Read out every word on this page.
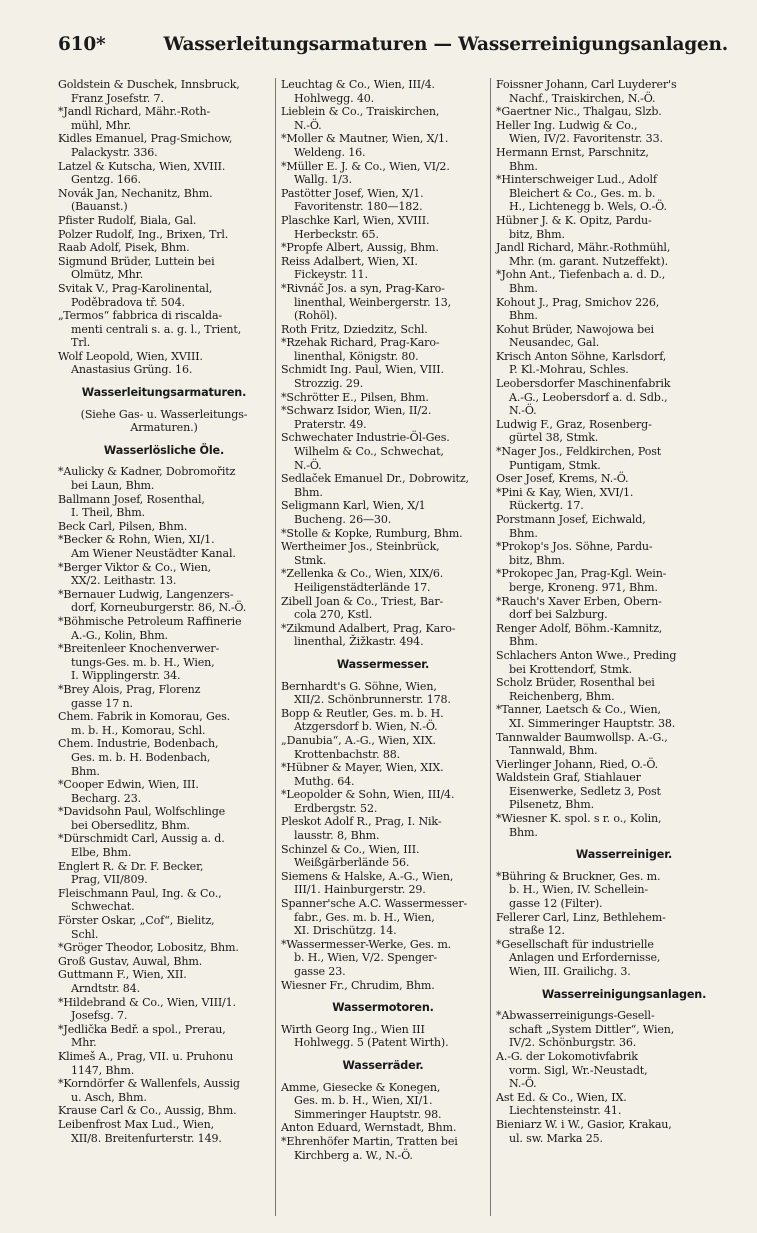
610*	Wasserleitungsarmaturen — Wasserreinigungsanlagen.
Goldstein & Duschek, Innsbruck,
Franz Josefstr. 7.
*Jandl Richard, Mähr.-Roth-
mühl, Mhr.
Kidles Emanuel, Prag-Smichow,
Palackystr. 336.
Latzel & Kutscha, Wien, XVIII.
Gentzg. 166.
Novák Jan, Nechanitz, Bhm.
(Bauanst.)
Pfister Rudolf, Biala, Gal.
Polzer Rudolf, Ing., Brixen, Trl.
Raab Adolf, Pisek, Bhm.
Sigmund Brüder, Luttein bei
Olmütz, Mhr.
Svitak V., Prag-Karolinental,
Poděbradova tř. 504.
„Termos“ fabbrica di riscalda-
menti centrali s. a. g. l., Trient,
Trl.
Wolf Leopold, Wien, XVIII.
Anastasius Grüng. 16.
Wasserleitungsarmaturen.
(Siehe Gas- u. Wasserleitungs-
Armaturen.)
Wasserlösliche Öle.
*Aulicky & Kadner, Dobromořitz
bei Laun, Bhm.
Ballmann Josef, Rosenthal,
I. Theil, Bhm.
Beck Carl, Pilsen, Bhm.
*Becker & Rohn, Wien, XI/1.
Am Wiener Neustädter Kanal.
*Berger Viktor & Co., Wien,
XX/2. Leithastr. 13.
*Bernauer Ludwig, Langenzers-
dorf, Korneuburgerstr. 86, N.-Ö.
*Böhmische Petroleum Raffinerie
A.-G., Kolin, Bhm.
*Breitenleer Knochenverwer-
tungs-Ges. m. b. H., Wien,
I. Wipplingerstr. 34.
*Brey Alois, Prag, Florenz
gasse 17 n.
Chem. Fabrik in Komorau, Ges.
m. b. H., Komorau, Schl.
Chem. Industrie, Bodenbach,
Ges. m. b. H. Bodenbach,
Bhm.
*Cooper Edwin, Wien, III.
Becharg. 23.
*Davidsohn Paul, Wolfschlinge
bei Obersedlitz, Bhm.
*Dürschmidt Carl, Aussig a. d.
Elbe, Bhm.
Englert R. & Dr. F. Becker,
Prag, VII/809.
Fleischmann Paul, Ing. & Co.,
Schwechat.
Förster Oskar, „Cof“, Bielitz,
Schl.
*Gröger Theodor, Lobositz, Bhm.
Groß Gustav, Auwal, Bhm.
Guttmann F., Wien, XII.
Arndtstr. 84.
*Hildebrand & Co., Wien, VIII/1.
Josefsg. 7.
*Jedlička Bedř. a spol., Prerau,
Mhr.
Klimeš A., Prag, VII. u. Pruhonu
1147, Bhm.
*Korndörfer & Wallenfels, Aussig
u. Asch, Bhm.
Krause Carl & Co., Aussig, Bhm.
Leibenfrost Max Lud., Wien,
XII/8. Breitenfurterstr. 149.
Leuchtag & Co., Wien, III/4.
Hohlwegg. 40.
Lieblein & Co., Traiskirchen,
N.-Ö.
*Moller & Mautner, Wien, X/1.
Weldeng. 16.
*Müller E. J. & Co., Wien, VI/2.
Wallg. 1/3.
Pastötter Josef, Wien, X/1.
Favoritenstr. 180—182.
Plaschke Karl, Wien, XVIII.
Herbeckstr. 65.
*Propfe Albert, Aussig, Bhm.
Reiss Adalbert, Wien, XI.
Fickeystr. 11.
*Rivnáč Jos. a syn, Prag-Karo-
linenthal, Weinbergerstr. 13,
(Rohöl).
Roth Fritz, Dziedzitz, Schl.
*Rzehak Richard, Prag-Karo-
linenthal, Königstr. 80.
Schmidt Ing. Paul, Wien, VIII.
Strozzig. 29.
*Schrötter E., Pilsen, Bhm.
*Schwarz Isidor, Wien, II/2.
Praterstr. 49.
Schwechater Industrie-Öl-Ges.
Wilhelm & Co., Schwechat,
N.-Ö.
Sedlaček Emanuel Dr., Dobrowitz,
Bhm.
Seligmann Karl, Wien, X/1
Bucheng. 26—30.
*Stolle & Kopke, Rumburg, Bhm.
Wertheimer Jos., Steinbrück,
Stmk.
*Zellenka & Co., Wien, XIX/6.
Heiligenstädterlände 17.
Zibell Joan & Co., Triest, Bar-
cola 270, Kstl.
*Zikmund Adalbert, Prag, Karo-
linenthal, Žižkastr. 494.
Wassermesser.
Bernhardt's G. Söhne, Wien,
XII/2. Schönbrunnerstr. 178.
Bopp & Reutler, Ges. m. b. H.
Atzgersdorf b. Wien, N.-Ö.
„Danubia“, A.-G., Wien, XIX.
Krottenbachstr. 88.
*Hübner & Mayer, Wien, XIX.
Muthg. 64.
*Leopolder & Sohn, Wien, III/4.
Erdbergstr. 52.
Pleskot Adolf R., Prag, I. Nik-
lausstr. 8, Bhm.
Schinzel & Co., Wien, III.
Weißgärberlände 56.
Siemens & Halske, A.-G., Wien,
III/1. Hainburgerstr. 29.
Spanner'sche A.C. Wassermesser-
fabr., Ges. m. b. H., Wien,
XI. Drischützg. 14.
*Wassermesser-Werke, Ges. m.
b. H., Wien, V/2. Spenger-
gasse 23.
Wiesner Fr., Chrudim, Bhm.
Wassermotoren.
Wirth Georg Ing., Wien III
Hohlwegg. 5 (Patent Wirth).
Wasserräder.
Amme, Giesecke & Konegen,
Ges. m. b. H., Wien, XI/1.
Simmeringer Hauptstr. 98.
Anton Eduard, Wernstadt, Bhm.
*Ehrenhöfer Martin, Tratten bei
Kirchberg a. W., N.-Ö.
Foissner Johann, Carl Luyderer's
Nachf., Traiskirchen, N.-Ö.
*Gaertner Nic., Thalgau, Slzb.
Heller Ing. Ludwig & Co.,
Wien, IV/2. Favoritenstr. 33.
Hermann Ernst, Parschnitz,
Bhm.
*Hinterschweiger Lud., Adolf
Bleichert & Co., Ges. m. b.
H., Lichtenegg b. Wels, O.-Ö.
Hübner J. & K. Opitz, Pardu-
bitz, Bhm.
Jandl Richard, Mähr.-Rothmühl,
Mhr. (m. garant. Nutzeffekt).
*John Ant., Tiefenbach a. d. D.,
Bhm.
Kohout J., Prag, Smichov 226,
Bhm.
Kohut Brüder, Nawojowa bei
Neusandec, Gal.
Krisch Anton Söhne, Karlsdorf,
P. Kl.-Mohrau, Schles.
Leobersdorfer Maschinenfabrik
A.-G., Leobersdorf a. d. Sdb.,
N.-Ö.
Ludwig F., Graz, Rosenberg-
gürtel 38, Stmk.
*Nager Jos., Feldkirchen, Post
Puntigam, Stmk.
Oser Josef, Krems, N.-Ö.
*Pini & Kay, Wien, XVI/1.
Rückertg. 17.
Porstmann Josef, Eichwald,
Bhm.
*Prokop's Jos. Söhne, Pardu-
bitz, Bhm.
*Prokopec Jan, Prag-Kgl. Wein-
berge, Kroneng. 971, Bhm.
*Rauch's Xaver Erben, Obern-
dorf bei Salzburg.
Renger Adolf, Böhm.-Kamnitz,
Bhm.
Schlachers Anton Wwe., Preding
bei Krottendorf, Stmk.
Scholz Brüder, Rosenthal bei
Reichenberg, Bhm.
*Tanner, Laetsch & Co., Wien,
XI. Simmeringer Hauptstr. 38.
Tannwalder Baumwollsp. A.-G.,
Tannwald, Bhm.
Vierlinger Johann, Ried, O.-Ö.
Waldstein Graf, Stiahlauer
Eisenwerke, Sedletz 3, Post
Pilsenetz, Bhm.
*Wiesner K. spol. s r. o., Kolin,
Bhm.
Wasserreiniger.
*Bühring & Bruckner, Ges. m.
b. H., Wien, IV. Schellein-
gasse 12 (Filter).
Fellerer Carl, Linz, Bethlehem-
straße 12.
*Gesellschaft für industrielle
Anlagen und Erfordernisse,
Wien, III. Grailichg. 3.
Wasserreinigungsanlagen.
*Abwasserreinigungs-Gesell-
schaft „System Dittler“, Wien,
IV/2. Schönburgstr. 36.
A.-G. der Lokomotivfabrik
vorm. Sigl, Wr.-Neustadt,
N.-Ö.
Ast Ed. & Co., Wien, IX.
Liechtensteinstr. 41.
Bieniarz W. i W., Gasior, Krakau,
ul. sw. Marka 25.
